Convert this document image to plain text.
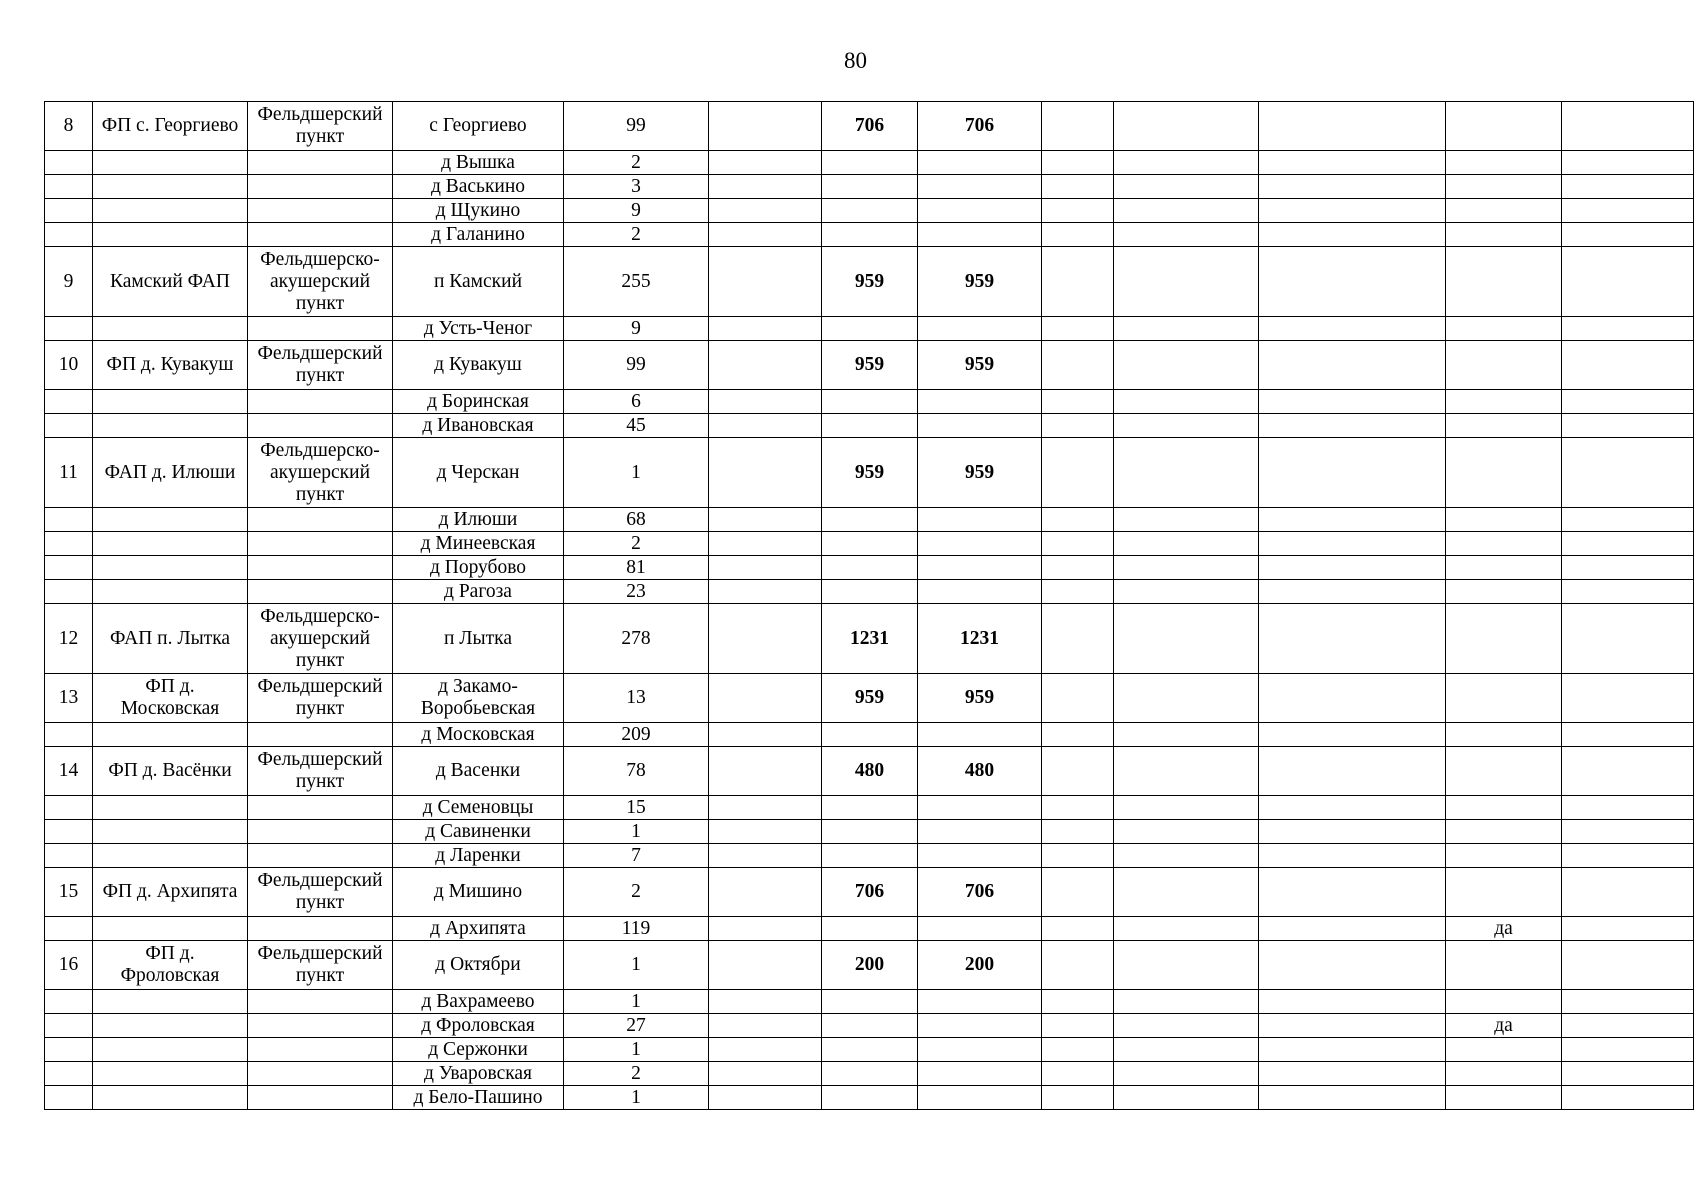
80
8	ФП с. Георгиево	Фельдшерский пункт	с Георгиево	99		706	706					
			д Вышка	2								
			д Васькино	3								
			д Щукино	9								
			д Галанино	2								
9	Камский ФАП	Фельдшерско-акушерский пункт	п Камский	255		959	959					
			д Усть-Ченог	9								
10	ФП д. Кувакуш	Фельдшерский пункт	д Кувакуш	99		959	959					
			д Боринская	6								
			д Ивановская	45								
11	ФАП д. Илюши	Фельдшерско-акушерский пункт	д Черскан	1		959	959					
			д Илюши	68								
			д Минеевская	2								
			д Порубово	81								
			д Рагоза	23								
12	ФАП п. Лытка	Фельдшерско-акушерский пункт	п Лытка	278		1231	1231					
13	ФП д. Московская	Фельдшерский пункт	д Закамо-Воробьевская	13		959	959					
			д Московская	209								
14	ФП д. Васёнки	Фельдшерский пункт	д Васенки	78		480	480					
			д Семеновцы	15								
			д Савиненки	1								
			д Ларенки	7								
15	ФП д. Архипята	Фельдшерский пункт	д Мишино	2		706	706					
			д Архипята	119							да	
16	ФП д. Фроловская	Фельдшерский пункт	д Октябри	1		200	200					
			д Вахрамеево	1								
			д Фроловская	27							да	
			д Сержонки	1								
			д Уваровская	2								
			д Бело-Пашино	1								
